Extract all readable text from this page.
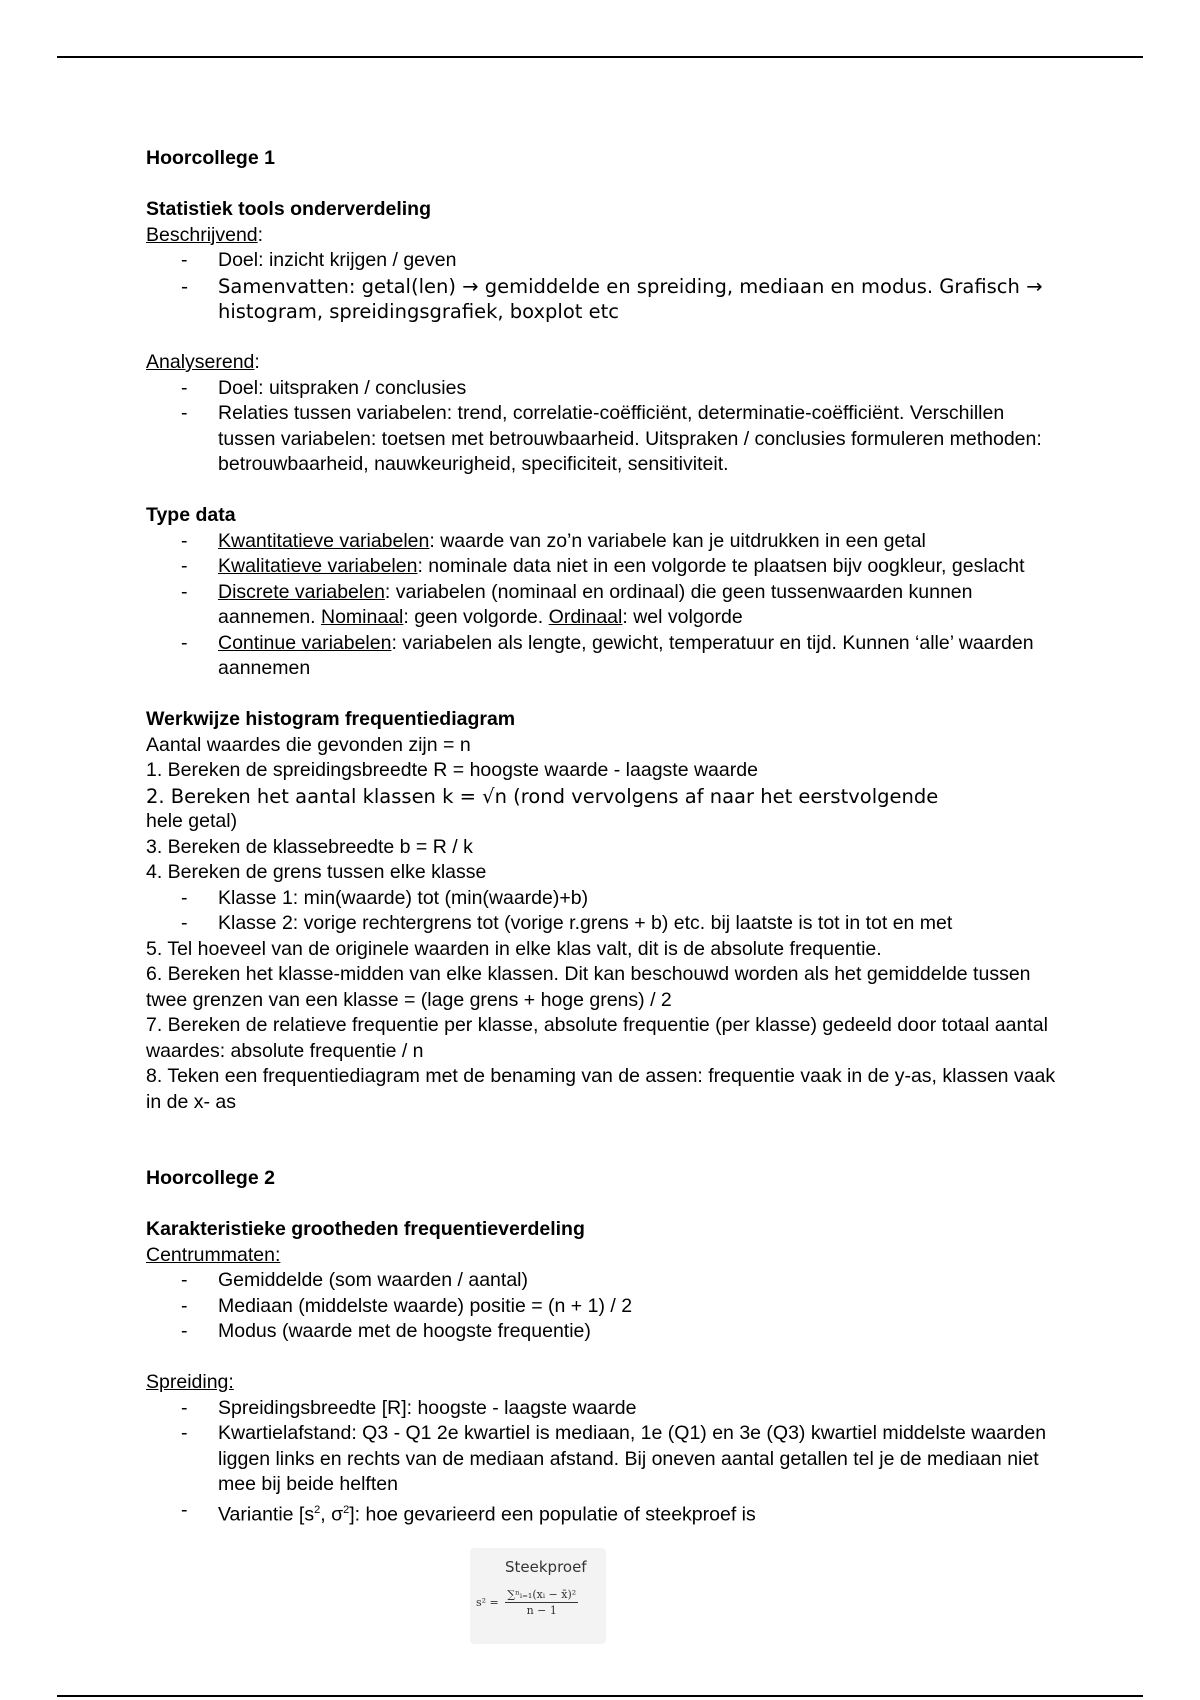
Hoorcollege 1

Statistiek tools onderverdeling

Beschrijvend:

- Doel: inzicht krijgen / geven
- Samenvatten: getal(len) → gemiddelde en spreiding, mediaan en modus. Grafisch → histogram, spreidingsgrafiek, boxplot etc

Analyserend:

- Doel: uitspraken / conclusies
- Relaties tussen variabelen: trend, correlatie-coëfficiënt, determinatie-coëfficiënt. Verschillen tussen variabelen: toetsen met betrouwbaarheid. Uitspraken / conclusies formuleren methoden: betrouwbaarheid, nauwkeurigheid, specificiteit, sensitiviteit.

Type data

- Kwantitatieve variabelen: waarde van zo’n variabele kan je uitdrukken in een getal
- Kwalitatieve variabelen: nominale data niet in een volgorde te plaatsen bijv oogkleur, geslacht
- Discrete variabelen: variabelen (nominaal en ordinaal) die geen tussenwaarden kunnen aannemen. Nominaal: geen volgorde. Ordinaal: wel volgorde
- Continue variabelen: variabelen als lengte, gewicht, temperatuur en tijd. Kunnen ‘alle’ waarden aannemen

Werkwijze histogram frequentiediagram

Aantal waardes die gevonden zijn = n

1. Bereken de spreidingsbreedte R = hoogste waarde - laagste waarde

2. Bereken het aantal klassen k = √n (rond vervolgens af naar het eerstvolgende

hele getal)

3. Bereken de klassebreedte b = R / k

4. Bereken de grens tussen elke klasse

- Klasse 1: min(waarde) tot (min(waarde)+b)
- Klasse 2: vorige rechtergrens tot (vorige r.grens + b) etc. bij laatste is tot in tot en met

5. Tel hoeveel van de originele waarden in elke klas valt, dit is de absolute frequentie.

6. Bereken het klasse-midden van elke klassen. Dit kan beschouwd worden als het gemiddelde tussen twee grenzen van een klasse = (lage grens + hoge grens) / 2

7. Bereken de relatieve frequentie per klasse, absolute frequentie (per klasse) gedeeld door totaal aantal waardes: absolute frequentie / n

8. Teken een frequentiediagram met de benaming van de assen: frequentie vaak in de y-as, klassen vaak in de x- as

Hoorcollege 2

Karakteristieke grootheden frequentieverdeling

Centrummaten:

- Gemiddelde (som waarden / aantal)
- Mediaan (middelste waarde) positie = (n + 1) / 2
- Modus (waarde met de hoogste frequentie)

Spreiding:

- Spreidingsbreedte [R]: hoogste - laagste waarde
- Kwartielafstand: Q3 - Q1 2e kwartiel is mediaan, 1e (Q1) en 3e (Q3) kwartiel middelste waarden liggen links en rechts van de mediaan afstand. Bij oneven aantal getallen tel je de mediaan niet mee bij beide helften
- Variantie [$s^2$, $\sigma^2$]: hoe gevarieerd een populatie of steekproef is
Steekproef
$s^2 = \frac{\text{∑ⁿᵢ₌₁(xᵢ − x̄)²}}{n - 1}$
